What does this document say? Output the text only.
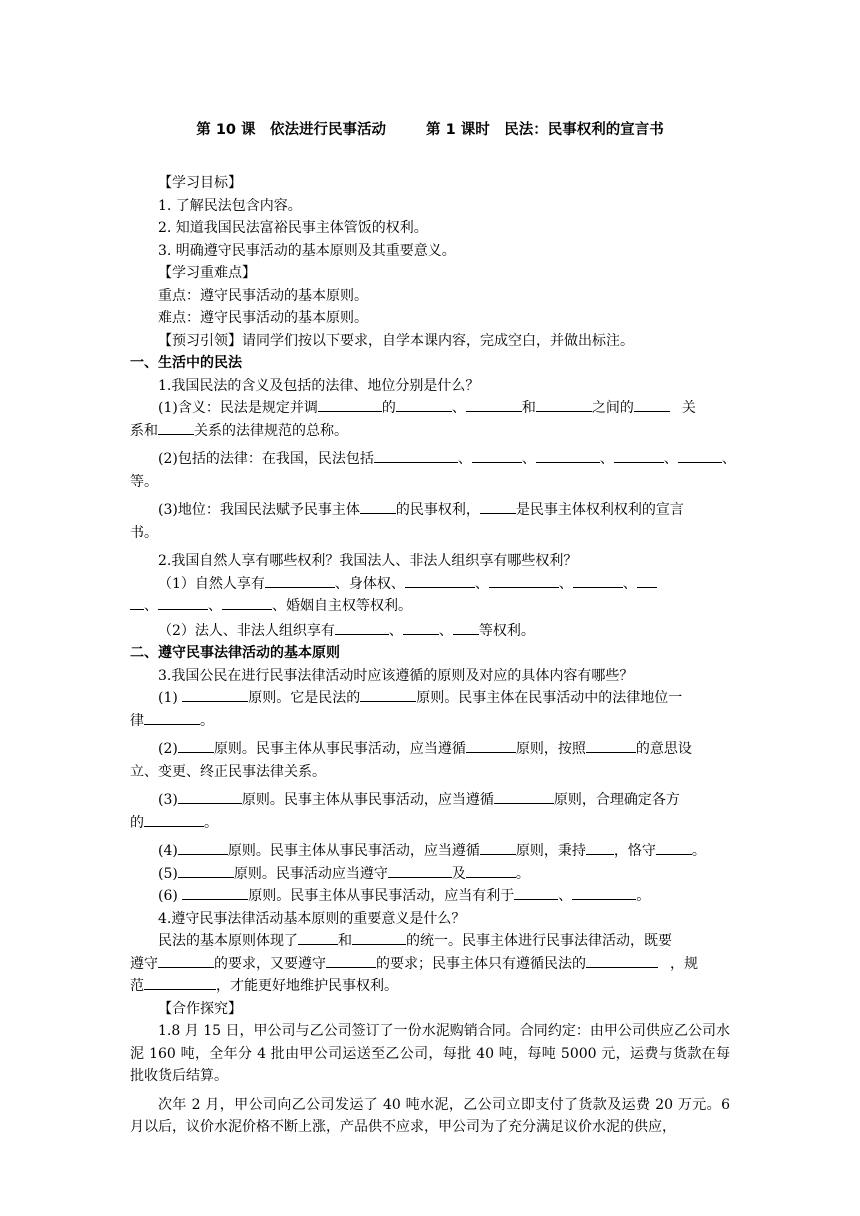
第 10 课　依法进行民事活动	第 1 课时　民法：民事权利的宣言书

【学习目标】

1. 了解民法包含内容。

2. 知道我国民法富裕民事主体管饭的权利。

3. 明确遵守民事活动的基本原则及其重要意义。

【学习重难点】

重点：遵守民事活动的基本原则。

难点：遵守民事活动的基本原则。

【预习引领】请同学们按以下要求，自学本课内容，完成空白，并做出标注。

一、生活中的民法

1.我国民法的含义及包括的法律、地位分别是什么？

(1)含义：民法是规定并调	的	、	和	之间的	关

系和	关系的法律规范的总称。

(2)包括的法律：在我国，民法包括	、	、	、	、	、

等。

(3)地位：我国民法赋予民事主体	的民事权利，	是民事主体权利权利的宣言

书。

2.我国自然人享有哪些权利？我国法人、非法人组织享有哪些权利？

（1）自然人享有	、身体权、	、	、	、

、	、	、婚姻自主权等权利。

（2）法人、非法人组织享有	、	、 等权利。

二、遵守民事法律活动的基本原则

3.我国公民在进行民事法律活动时应该遵循的原则及对应的具体内容有哪些？

(1)	原则。它是民法的	原则。民事主体在民事活动中的法律地位一

律	。

(2)	原则。民事主体从事民事活动，应当遵循	原则，按照	的意思设

立、变更、终正民事法律关系。

(3)	原则。民事主体从事民事活动，应当遵循	原则，合理确定各方

的	。

(4)	原则。民事主体从事民事活动，应当遵循	原则，秉持 ，恪守	。

(5)	原则。民事活动应当遵守	及	。

(6)	原则。民事主体从事民事活动，应当有利于	、	。

4.遵守民事法律活动基本原则的重要意义是什么？

民法的基本原则体现了	和	的统一。民事主体进行民事法律活动，既要

遵守	的要求，又要遵守	的要求；民事主体只有遵循民法的	，规

范	，才能更好地维护民事权利。

【合作探究】

1.8 月 15 日，甲公司与乙公司签订了一份水泥购销合同。合同约定：由甲公司供应乙公司水泥 160 吨，全年分 4 批由甲公司运送至乙公司，每批 40 吨，每吨 5000 元，运费与货款在每批收货后结算。

次年 2 月，甲公司向乙公司发运了 40 吨水泥，乙公司立即支付了货款及运费 20 万元。6 月以后，议价水泥价格不断上涨，产品供不应求，甲公司为了充分满足议价水泥的供应，
